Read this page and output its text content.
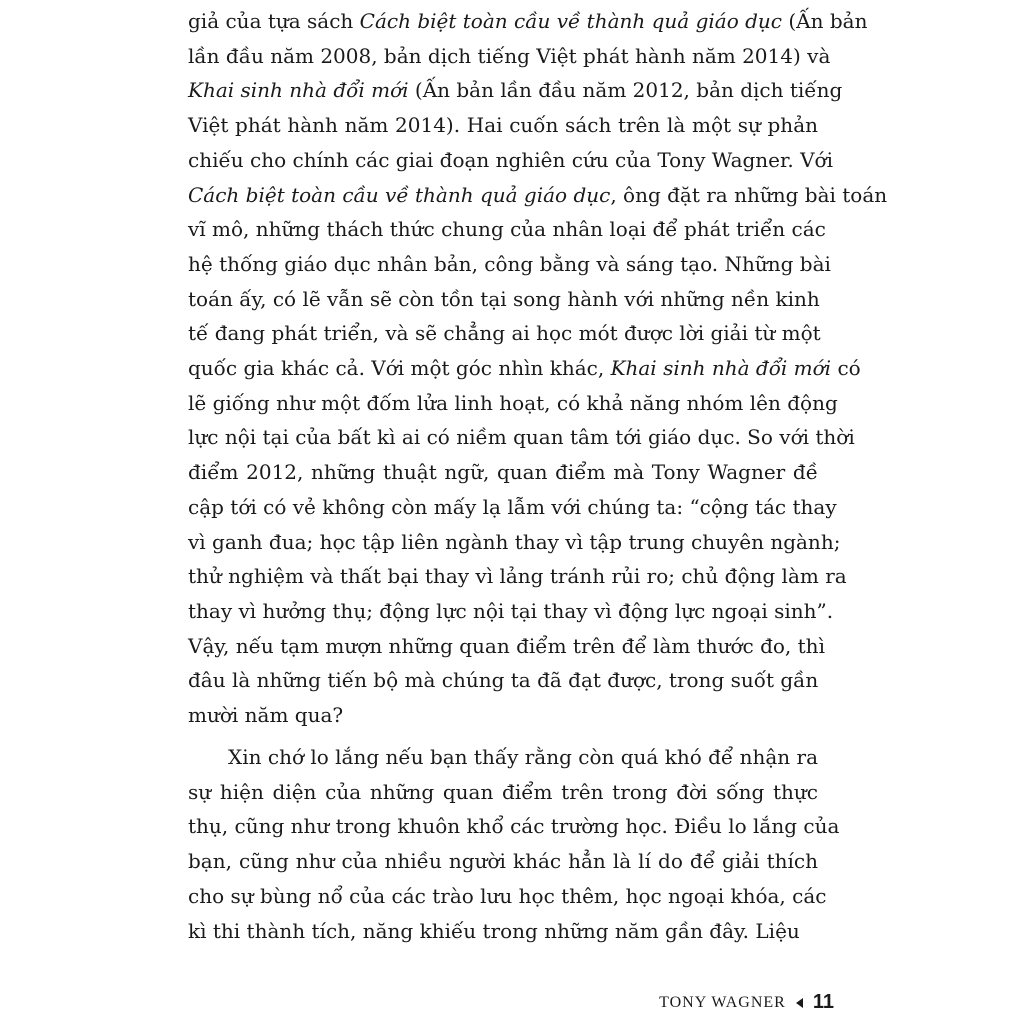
giả của tựa sách Cách biệt toàn cầu về thành quả giáo dục (Ấn bản
lần đầu năm 2008, bản dịch tiếng Việt phát hành năm 2014) và
Khai sinh nhà đổi mới (Ấn bản lần đầu năm 2012, bản dịch tiếng
Việt phát hành năm 2014). Hai cuốn sách trên là một sự phản
chiếu cho chính các giai đoạn nghiên cứu của Tony Wagner. Với
Cách biệt toàn cầu về thành quả giáo dục, ông đặt ra những bài toán
vĩ mô, những thách thức chung của nhân loại để phát triển các
hệ thống giáo dục nhân bản, công bằng và sáng tạo. Những bài
toán ấy, có lẽ vẫn sẽ còn tồn tại song hành với những nền kinh
tế đang phát triển, và sẽ chẳng ai học mót được lời giải từ một
quốc gia khác cả. Với một góc nhìn khác, Khai sinh nhà đổi mới có
lẽ giống như một đốm lửa linh hoạt, có khả năng nhóm lên động
lực nội tại của bất kì ai có niềm quan tâm tới giáo dục. So với thời
điểm 2012, những thuật ngữ, quan điểm mà Tony Wagner đề
cập tới có vẻ không còn mấy lạ lẫm với chúng ta: “cộng tác thay
vì ganh đua; học tập liên ngành thay vì tập trung chuyên ngành;
thử nghiệm và thất bại thay vì lảng tránh rủi ro; chủ động làm ra
thay vì hưởng thụ; động lực nội tại thay vì động lực ngoại sinh”.
Vậy, nếu tạm mượn những quan điểm trên để làm thước đo, thì
đâu là những tiến bộ mà chúng ta đã đạt được, trong suốt gần
mười năm qua?
Xin chớ lo lắng nếu bạn thấy rằng còn quá khó để nhận ra
sự hiện diện của những quan điểm trên trong đời sống thực
thụ, cũng như trong khuôn khổ các trường học. Điều lo lắng của
bạn, cũng như của nhiều người khác hẳn là lí do để giải thích
cho sự bùng nổ của các trào lưu học thêm, học ngoại khóa, các
kì thi thành tích, năng khiếu trong những năm gần đây. Liệu
TONY WAGNER 11
